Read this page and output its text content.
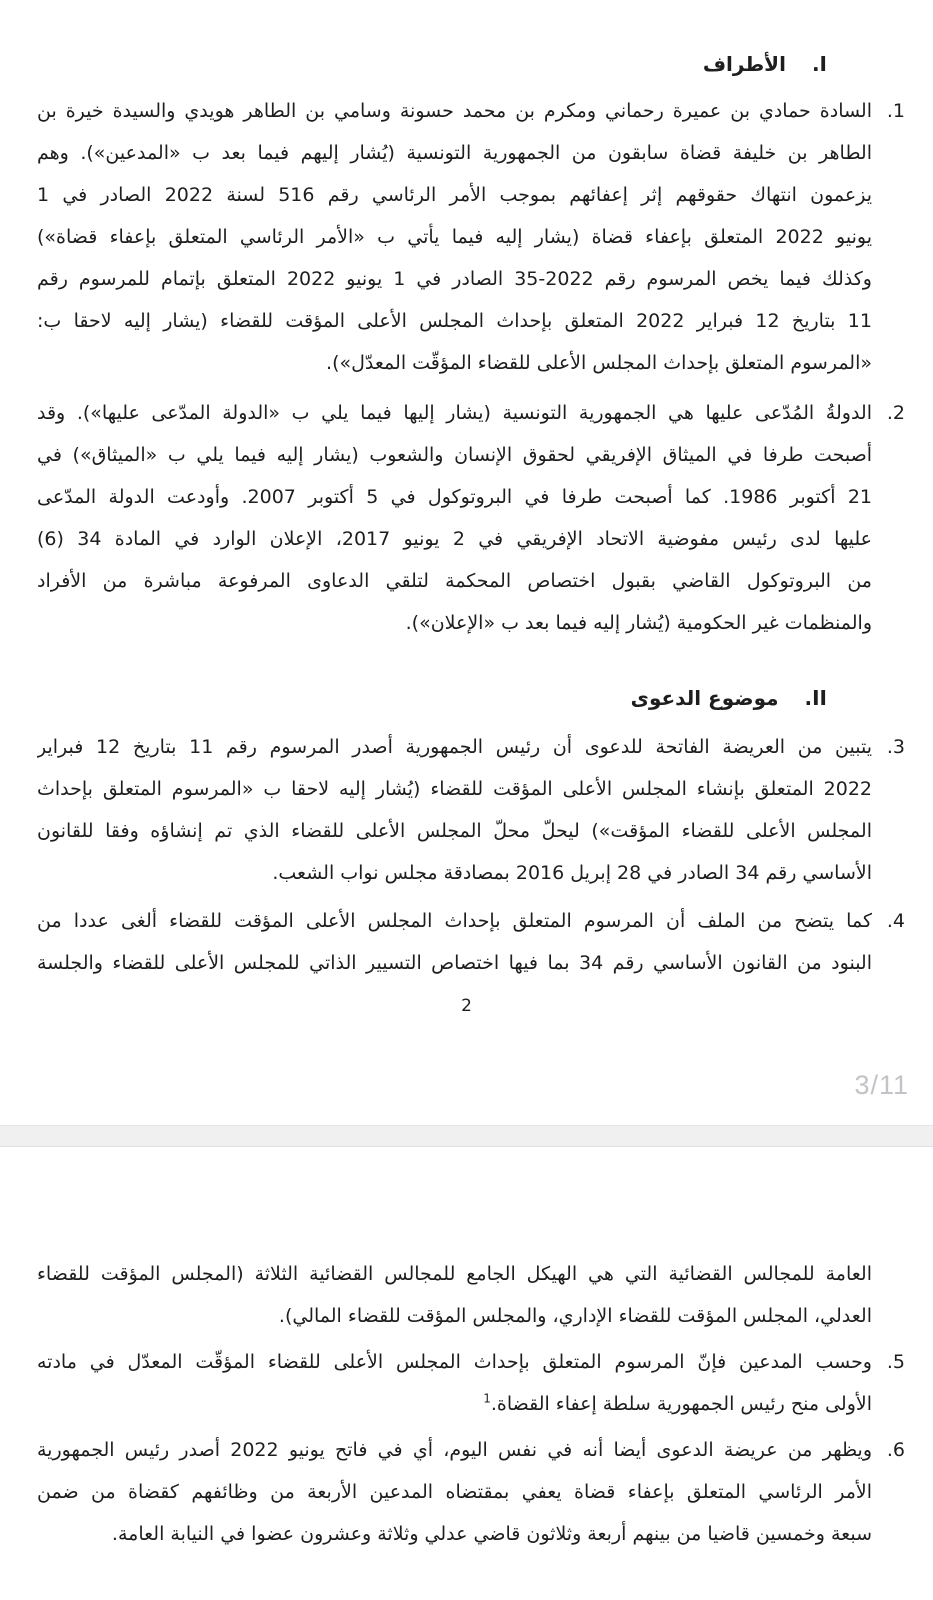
I.
الأطراف
1.
السادة حمادي بن عميرة رحماني ومكرم بن محمد حسونة وسامي بن الطاهر هويدي والسيدة خيرة بن
الطاهر بن خليفة قضاة سابقون من الجمهورية التونسية (يُشار إليهم فيما بعد ب «المدعين»). وهم
يزعمون انتهاك حقوقهم إثر إعفائهم بموجب الأمر الرئاسي رقم 516 لسنة 2022 الصادر في 1
يونيو 2022 المتعلق بإعفاء قضاة (يشار إليه فيما يأتي ب «الأمر الرئاسي المتعلق بإعفاء قضاة»)
وكذلك فيما يخص المرسوم رقم 2022-35 الصادر في 1 يونيو 2022 المتعلق بإتمام للمرسوم رقم
11 بتاريخ 12 فبراير 2022 المتعلق بإحداث المجلس الأعلى المؤقت للقضاء (يشار إليه لاحقا ب:
«المرسوم المتعلق بإحداث المجلس الأعلى للقضاء المؤقّت المعدّل»).
2.
الدولةُ المُدّعى عليها هي الجمهورية التونسية (يشار إليها فيما يلي ب «الدولة المدّعى عليها»). وقد
أصبحت طرفا في الميثاق الإفريقي لحقوق الإنسان والشعوب (يشار إليه فيما يلي ب «الميثاق») في
21 أكتوبر 1986. كما أصبحت طرفا في البروتوكول في 5 أكتوبر 2007. وأودعت الدولة المدّعى
عليها لدى رئيس مفوضية الاتحاد الإفريقي في 2 يونيو 2017، الإعلان الوارد في المادة 34 (6)
من البروتوكول القاضي بقبول اختصاص المحكمة لتلقي الدعاوى المرفوعة مباشرة من الأفراد
والمنظمات غير الحكومية (يُشار إليه فيما بعد ب «الإعلان»).
II.
موضوع الدعوى
3.
يتبين من العريضة الفاتحة للدعوى أن رئيس الجمهورية أصدر المرسوم رقم 11 بتاريخ 12 فبراير
2022 المتعلق بإنشاء المجلس الأعلى المؤقت للقضاء (يُشار إليه لاحقا ب «المرسوم المتعلق بإحداث
المجلس الأعلى للقضاء المؤقت») ليحلّ محلّ المجلس الأعلى للقضاء الذي تم إنشاؤه وفقا للقانون
الأساسي رقم 34 الصادر في 28 إبريل 2016 بمصادقة مجلس نواب الشعب.
4.
كما يتضح من الملف أن المرسوم المتعلق بإحداث المجلس الأعلى المؤقت للقضاء ألغى عددا من
البنود من القانون الأساسي رقم 34 بما فيها اختصاص التسيير الذاتي للمجلس الأعلى للقضاء والجلسة
2
3/11
العامة للمجالس القضائية التي هي الهيكل الجامع للمجالس القضائية الثلاثة (المجلس المؤقت للقضاء
العدلي، المجلس المؤقت للقضاء الإداري، والمجلس المؤقت للقضاء المالي).
5.
وحسب المدعين فإنّ المرسوم المتعلق بإحداث المجلس الأعلى للقضاء المؤقّت المعدّل في مادته
الأولى منح رئيس الجمهورية سلطة إعفاء القضاة.$^1$
6.
ويظهر من عريضة الدعوى أيضا أنه في نفس اليوم، أي في فاتح يونيو 2022 أصدر رئيس الجمهورية
الأمر الرئاسي المتعلق بإعفاء قضاة يعفي بمقتضاه المدعين الأربعة من وظائفهم كقضاة من ضمن
سبعة وخمسين قاضيا من بينهم أربعة وثلاثون قاضي عدلي وثلاثة وعشرون عضوا في النيابة العامة.
